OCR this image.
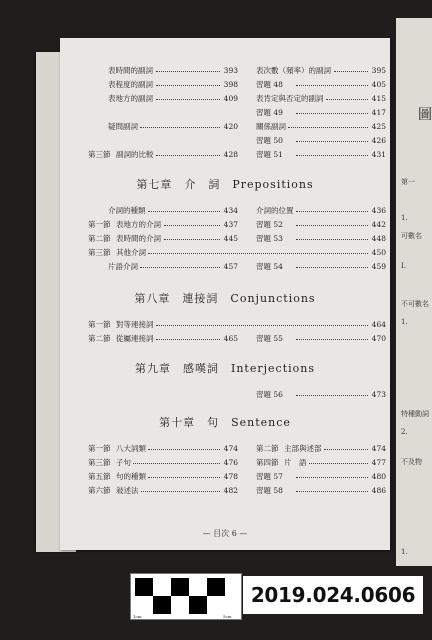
圖
第一
1.
可數名
I.
不可數名
1.
特種動詞
2.
不及物
1.
表時間的副詞	393
表程度的副詞	398
表地方的副詞	409
疑問副詞	420
第三節 副詞的比較	428
表次數（頻率）的副詞	395
習題 48	405
表肯定與否定的副詞	415
習題 49	417
關係副詞	425
習題 50	426
習題 51	431
第七章　介　詞　Prepositions
介詞的種類	434 介詞的位置	436
第一節 表地方的介詞	437 習題 52	442
第二節 表時間的介詞	445 習題 53	448
第三節 其他介詞	450
片語介詞	457 習題 54	459
第八章　連接詞　Conjunctions
第一節 對等連接詞	464
第二節 從屬連接詞	465 習題 55	470
第九章　感嘆詞　Interjections
習題 56	473
第十章　句　Sentence
第一節 八大詞類	474 第二節 主部與述部	474
第三節 子句	476 第四節 片　語	477
第五節 句的種類	478 習題 57	480
第六節 敍述法	482 習題 58	486
— 目次 6 —
1cm	5cm
2019.024.0606
